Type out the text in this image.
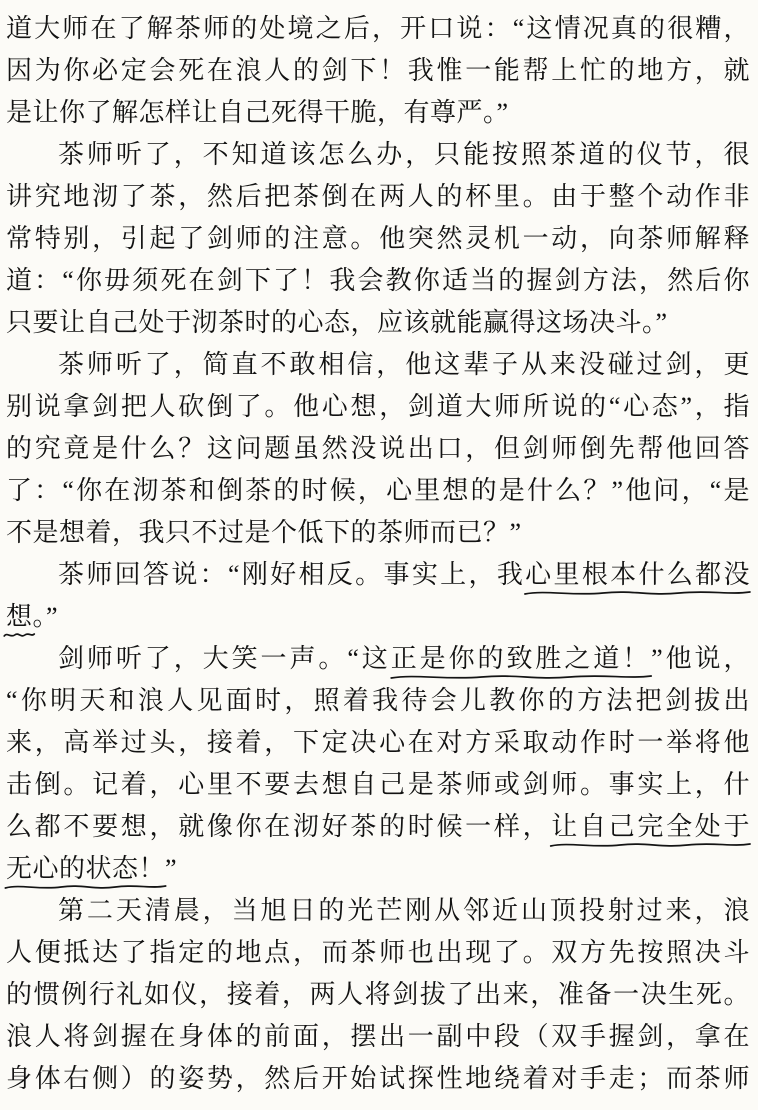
道大师在了解茶师的处境之后，开口说：“这情况真的很糟，
因为你必定会死在浪人的剑下！我惟一能帮上忙的地方，就
是让你了解怎样让自己死得干脆，有尊严。”
茶师听了，不知道该怎么办，只能按照茶道的仪节，很
讲究地沏了茶，然后把茶倒在两人的杯里。由于整个动作非
常特别，引起了剑师的注意。他突然灵机一动，向茶师解释
道：“你毋须死在剑下了！我会教你适当的握剑方法，然后你
只要让自己处于沏茶时的心态，应该就能赢得这场决斗。”
茶师听了，简直不敢相信，他这辈子从来没碰过剑，更
别说拿剑把人砍倒了。他心想，剑道大师所说的“心态”，指
的究竟是什么？这问题虽然没说出口，但剑师倒先帮他回答
了：“你在沏茶和倒茶的时候，心里想的是什么？”他问，“是
不是想着，我只不过是个低下的茶师而已？”
茶师回答说：“刚好相反。事实上，我心里根本什么都没
想
。”
剑师听了，大笑一声。“这正是你的致胜之道！
”他说，
“你明天和浪人见面时，照着我待会儿教你的方法把剑拔出
来，高举过头，接着，下定决心在对方采取动作时一举将他
击倒。记着，心里不要去想自己是茶师或剑师。事实上，什
么都不要想，就像你在沏好茶的时候一样，让自己完全处于
无心的状态！
”
第二天清晨，当旭日的光芒刚从邻近山顶投射过来，浪
人便抵达了指定的地点，而茶师也出现了。双方先按照决斗
的惯例行礼如仪，接着，两人将剑拔了出来，准备一决生死。
浪人将剑握在身体的前面，摆出一副中段（双手握剑，拿在
身体右侧）的姿势，然后开始试探性地绕着对手走；而茶师
